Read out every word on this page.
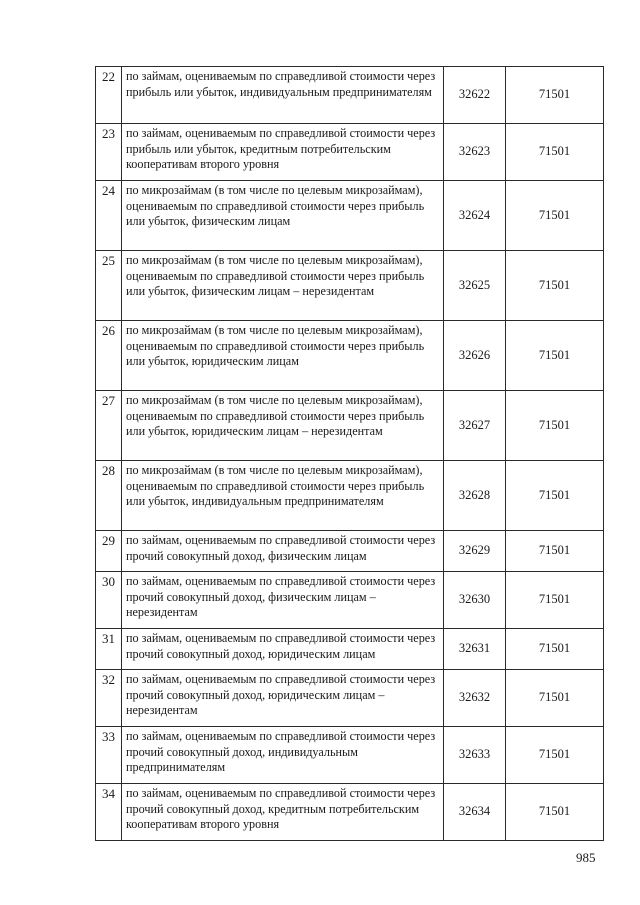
22	по займам, оцениваемым по справедливой стоимости через прибыль или убыток, индивидуальным предпринимателям	32622	71501
23	по займам, оцениваемым по справедливой стоимости через прибыль или убыток, кредитным потребительским кооперативам второго уровня	32623	71501
24	по микрозаймам (в том числе по целевым микрозаймам), оцениваемым по справедливой стоимости через прибыль или убыток, физическим лицам	32624	71501
25	по микрозаймам (в том числе по целевым микрозаймам), оцениваемым по справедливой стоимости через прибыль или убыток, физическим лицам – нерезидентам	32625	71501
26	по микрозаймам (в том числе по целевым микрозаймам), оцениваемым по справедливой стоимости через прибыль или убыток, юридическим лицам	32626	71501
27	по микрозаймам (в том числе по целевым микрозаймам), оцениваемым по справедливой стоимости через прибыль или убыток, юридическим лицам – нерезидентам	32627	71501
28	по микрозаймам (в том числе по целевым микрозаймам), оцениваемым по справедливой стоимости через прибыль или убыток, индивидуальным предпринимателям	32628	71501
29	по займам, оцениваемым по справедливой стоимости через прочий совокупный доход, физическим лицам	32629	71501
30	по займам, оцениваемым по справедливой стоимости через прочий совокупный доход, физическим лицам – нерезидентам	32630	71501
31	по займам, оцениваемым по справедливой стоимости через прочий совокупный доход, юридическим лицам	32631	71501
32	по займам, оцениваемым по справедливой стоимости через прочий совокупный доход, юридическим лицам – нерезидентам	32632	71501
33	по займам, оцениваемым по справедливой стоимости через прочий совокупный доход, индивидуальным предпринимателям	32633	71501
34	по займам, оцениваемым по справедливой стоимости через прочий совокупный доход, кредитным потребительским кооперативам второго уровня	32634	71501
985
